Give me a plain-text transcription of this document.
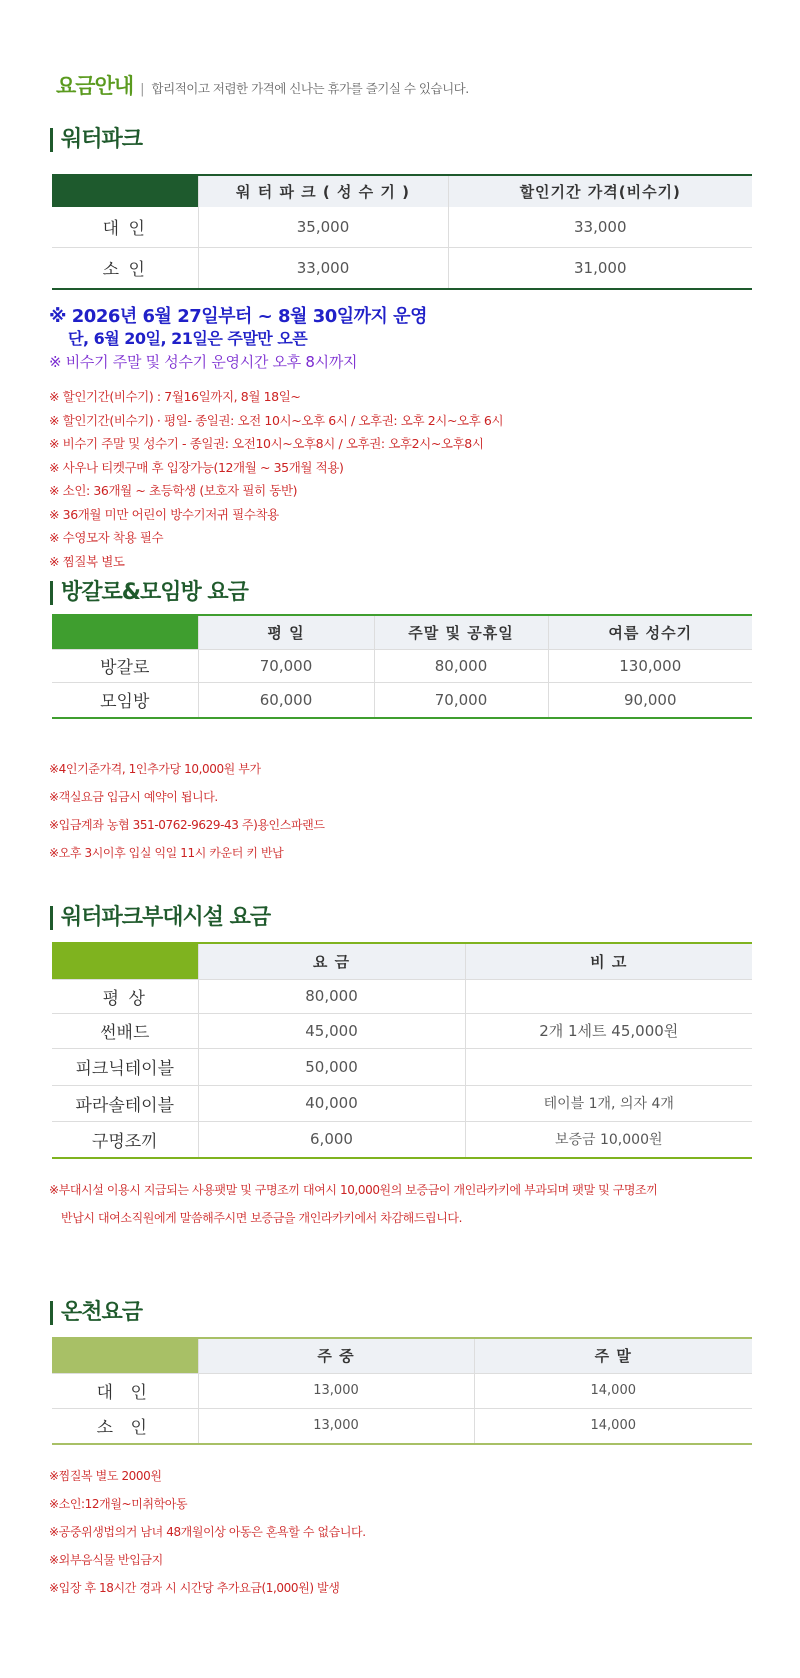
요금안내 | 합리적이고 저렴한 가격에 신나는 휴가를 즐기실 수 있습니다.
워터파크
	워 터 파 크 ( 성 수 기 )	할인기간 가격(비수기)
대 인	35,000	33,000
소 인	33,000	31,000
※ 2026년 6월 27일부터 ~ 8월 30일까지 운영
단, 6월 20일, 21일은 주말만 오픈
※ 비수기 주말 및 성수기 운영시간 오후 8시까지
※ 할인기간(비수기) : 7월16일까지, 8월 18일~
※ 할인기간(비수기) · 평일- 종일권: 오전 10시~오후 6시 / 오후권: 오후 2시~오후 6시
※ 비수기 주말 및 성수기 - 종일권: 오전10시~오후8시 / 오후권: 오후2시~오후8시
※ 사우나 티켓구매 후 입장가능(12개월 ~ 35개월 적용)
※ 소인: 36개월 ~ 초등학생 (보호자 필히 동반)
※ 36개월 미만 어린이 방수기저귀 필수착용
※ 수영모자 착용 필수
※ 찜질복 별도
방갈로&모임방 요금
	평 일	주말 및 공휴일	여름 성수기
방갈로	70,000	80,000	130,000
모임방	60,000	70,000	90,000
※4인기준가격, 1인추가당 10,000원 부가
※객실요금 입금시 예약이 됩니다.
※입금계좌 농협 351-0762-9629-43 주)용인스파랜드
※오후 3시이후 입실 익일 11시 카운터 키 반납
워터파크부대시설 요금
	요 금	비 고
평 상	80,000	
썬배드	45,000	2개 1세트 45,000원
피크닉테이블	50,000	
파라솔테이블	40,000	테이블 1개, 의자 4개
구명조끼	6,000	보증금 10,000원
※부대시설 이용시 지급되는 사용팻말 및 구명조끼 대여시 10,000원의 보증금이 개인라카키에 부과되며 팻말 및 구명조끼
반납시 대여소직원에게 말씀해주시면 보증금을 개인라카키에서 차감해드립니다.
온천요금
	주 중	주 말
대 인	13,000	14,000
소 인	13,000	14,000
※찜질복 별도 2000원
※소인:12개월~미취학아동
※공중위생법의거 남녀 48개월이상 아동은 혼욕할 수 없습니다.
※외부음식물 반입금지
※입장 후 18시간 경과 시 시간당 추가요금(1,000원) 발생
